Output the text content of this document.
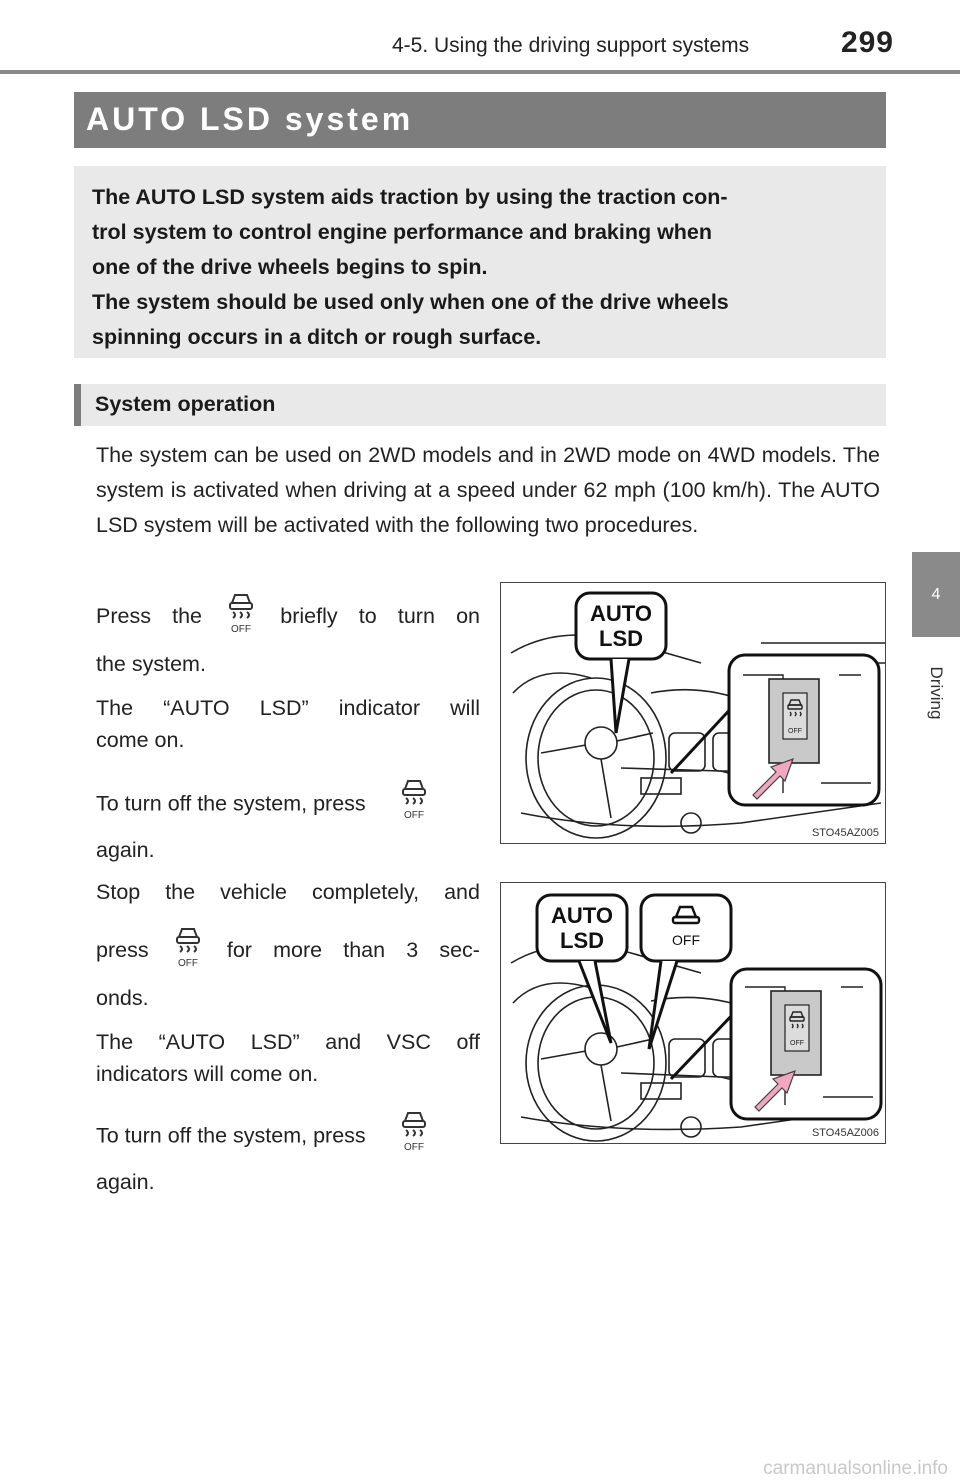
4-5. Using the driving support systems	299
4
Driving
AUTO LSD system

The AUTO LSD system aids traction by using the traction con-

trol system to control engine performance and braking when

one of the drive wheels begins to spin.

The system should be used only when one of the drive wheels

spinning occurs in a ditch or rough surface.

System operation

The system can be used on 2WD models and in 2WD mode on 4WD models. The system is activated when driving at a speed under 62 mph (100 km/h). The AUTO LSD system will be activated with the following two procedures.

Press the
OFF
briefly to turn on
the system.
The “AUTO LSD” indicator will
come on.
To turn off the system, press	OFF
again.
AUTO
LSD
OFF
STO45AZ005
Stop the vehicle completely, and
press
OFF
for more than 3 sec-
onds.
The “AUTO LSD” and VSC off
indicators will come on.
To turn off the system, press	OFF
again.
AUTO
LSD	OFF
OFF
STO45AZ006
carmanualsonline.info
